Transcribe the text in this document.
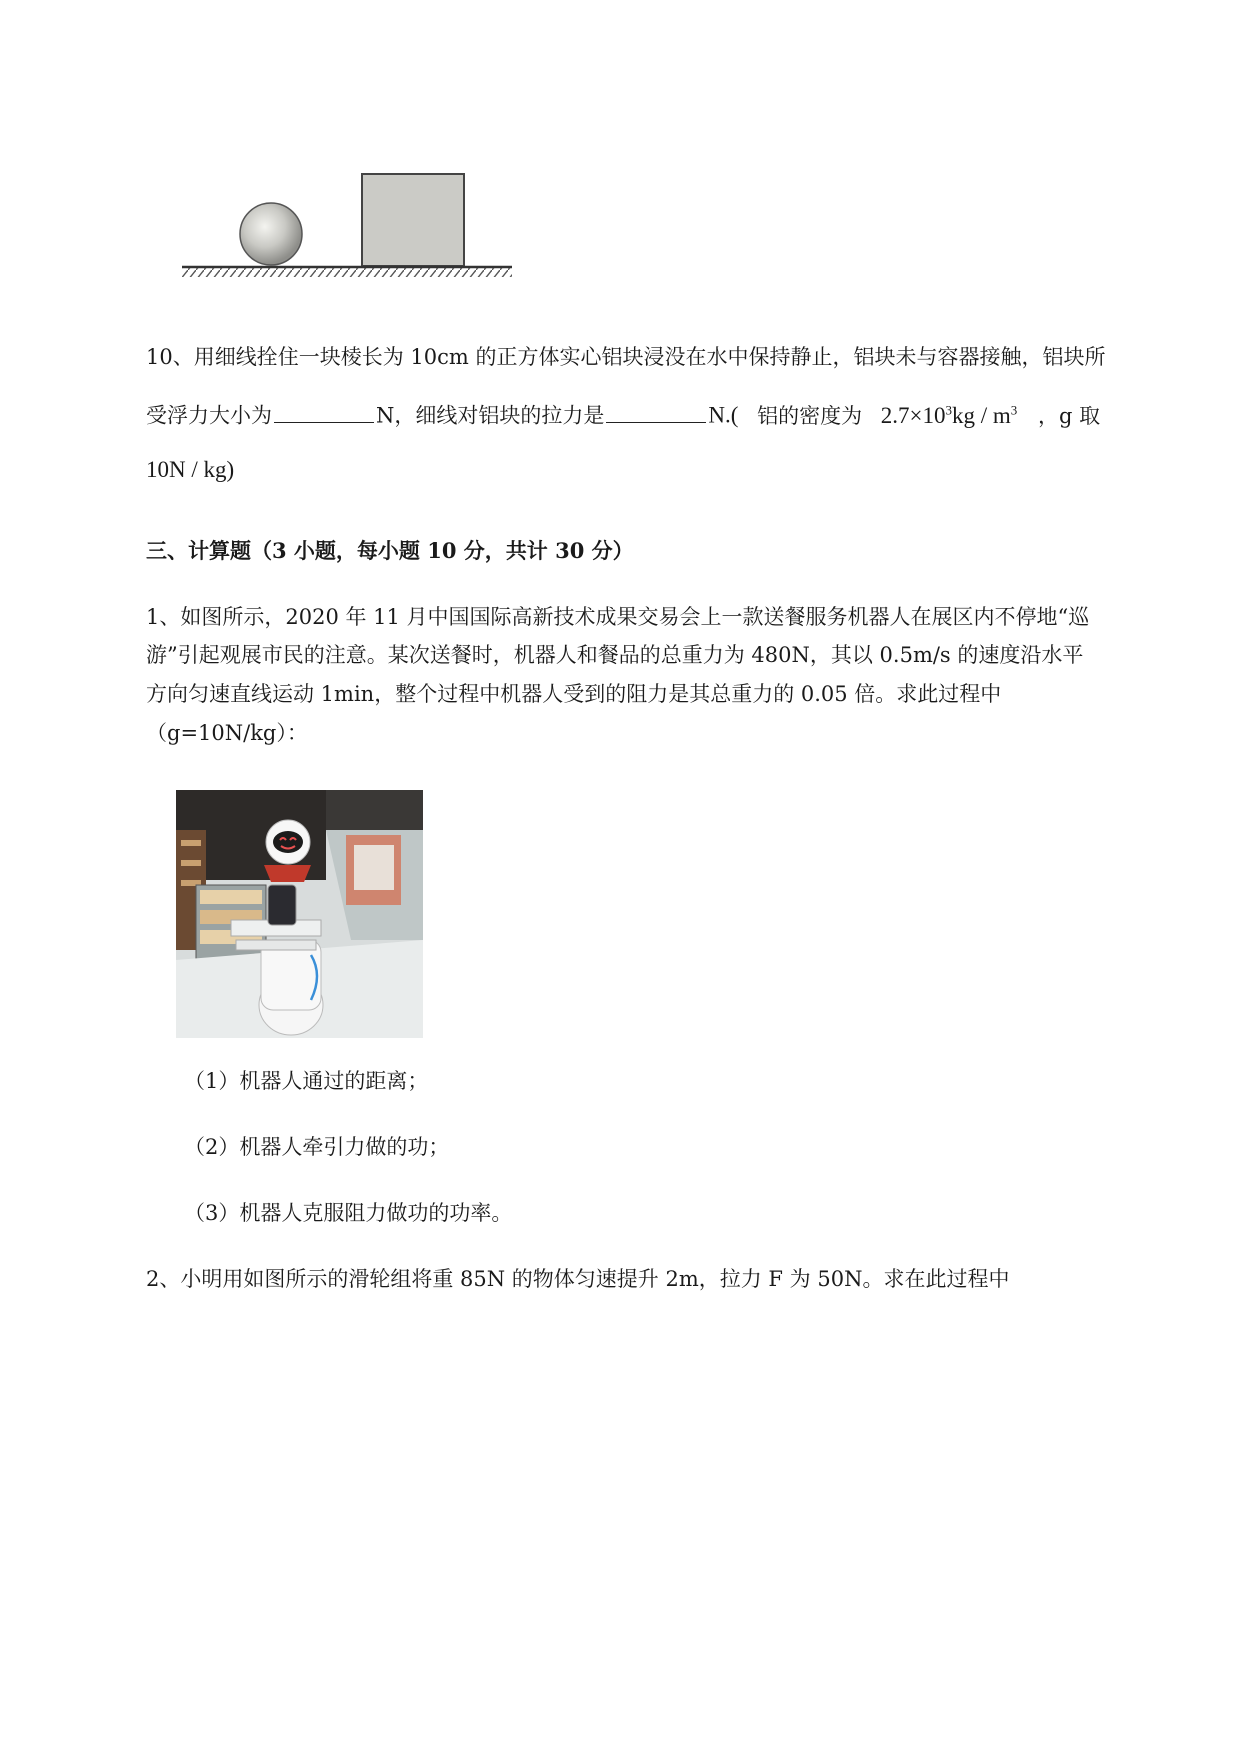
10、用细线拴住一块棱长为 10cm 的正方体实心铝块浸没在水中保持静止，铝块未与容器接触，铝块所
受浮力大小为	N，细线对铝块的拉力是	N.( 铝的密度为 $2.7\times 10^3kg / m^3$ ，g 取
10N / kg)
三、计算题（3 小题，每小题 10 分，共计 30 分）
1、如图所示，2020 年 11 月中国国际高新技术成果交易会上一款送餐服务机器人在展区内不停地“巡
游”引起观展市民的注意。某次送餐时，机器人和餐品的总重力为 480N，其以 0.5m/s 的速度沿水平
方向匀速直线运动 1min，整个过程中机器人受到的阻力是其总重力的 0.05 倍。求此过程中
（g=10N/kg）：
（1）机器人通过的距离；
（2）机器人牵引力做的功；
（3）机器人克服阻力做功的功率。
2、小明用如图所示的滑轮组将重 85N 的物体匀速提升 2m，拉力 F 为 50N。求在此过程中
